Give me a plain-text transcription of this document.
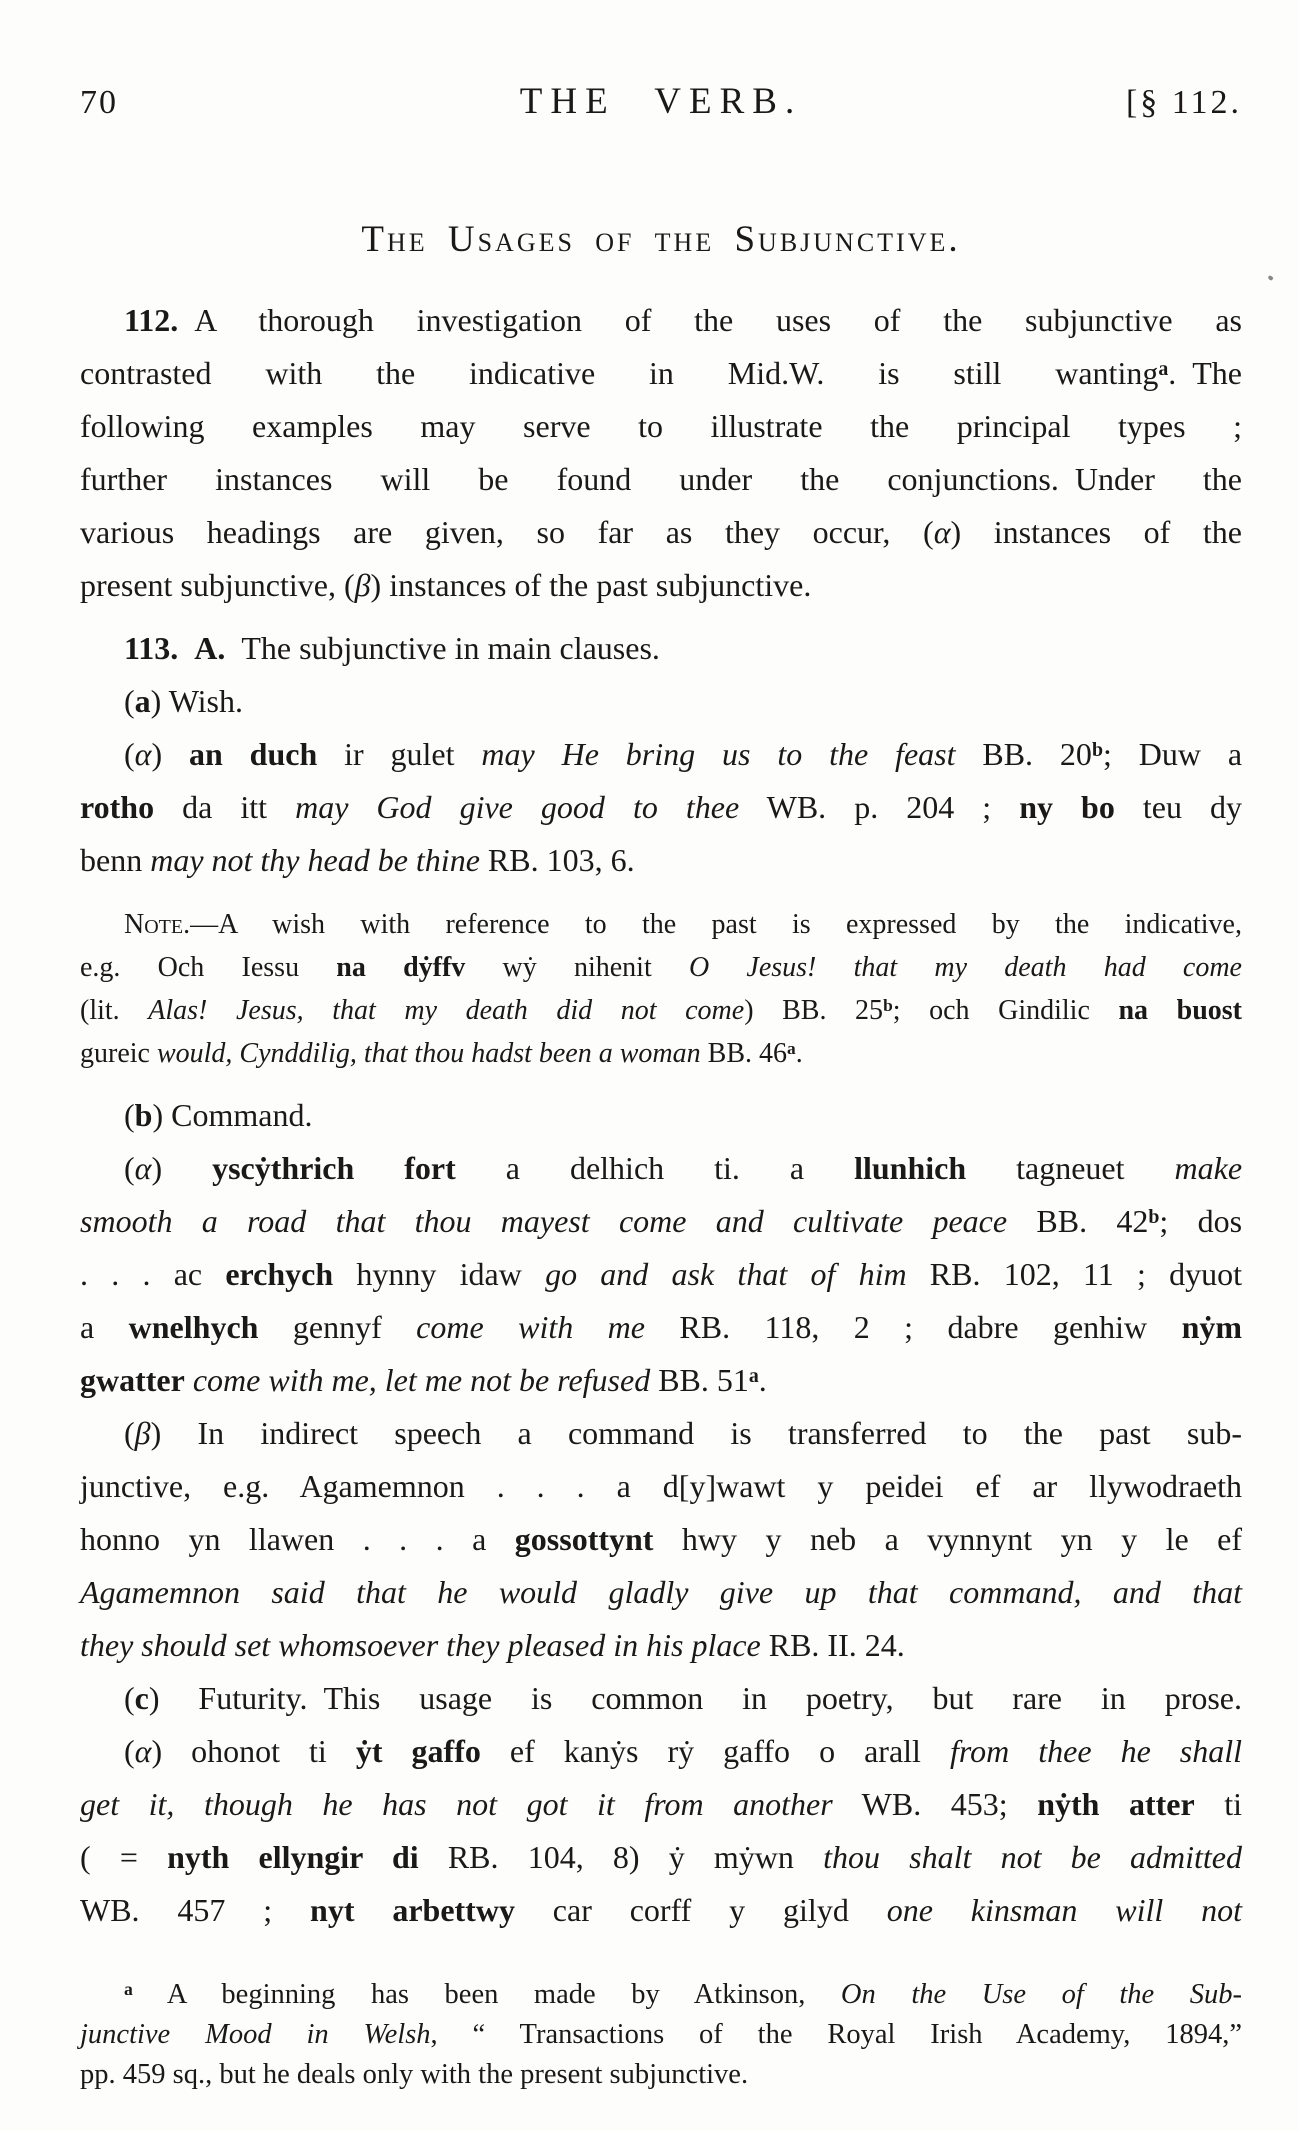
70	THE VERB.	[§ 112.
The Usages of the Subjunctive.
112. A thorough investigation of the uses of the subjunctive as
contrasted with the indicative in Mid.W. is still wanting$^a$. The
following examples may serve to illustrate the principal types ;
further instances will be found under the conjunctions. Under the
various headings are given, so far as they occur, (α) instances of the
present subjunctive, (β) instances of the past subjunctive.
113.  A. The subjunctive in main clauses.
(a) Wish.
(α) an duch ir gulet may He bring us to the feast BB. 20$^b$; Duw a
rotho da itt may God give good to thee WB. p. 204 ; ny bo teu dy
benn may not thy head be thine RB. 103, 6.
Note.—A wish with reference to the past is expressed by the indicative,
e.g. Och Iessu na dẏffv wẏ nihenit O Jesus! that my death had come
(lit. Alas! Jesus, that my death did not come) BB. 25$^b$; och Gindilic na buost
gureic would, Cynddilig, that thou hadst been a woman BB. 46$^a$.
(b) Command.
(α) yscẏthrich fort a delhich ti. a llunhich tagneuet make
smooth a road that thou mayest come and cultivate peace BB. 42$^b$; dos
. . . ac erchych hynny idaw go and ask that of him RB. 102, 11 ; dyuot
a wnelhych gennyf come with me RB. 118, 2 ; dabre genhiw nẏm
gwatter come with me, let me not be refused BB. 51$^a$.
(β) In indirect speech a command is transferred to the past sub-
junctive, e.g. Agamemnon . . . a d[y]wawt y peidei ef ar llywodraeth
honno yn llawen . . . a gossottynt hwy y neb a vynnynt yn y le ef
Agamemnon said that he would gladly give up that command, and that
they should set whomsoever they pleased in his place RB. II. 24.
(c) Futurity. This usage is common in poetry, but rare in prose.
(α) ohonot ti ẏt gaffo ef kanẏs rẏ gaffo o arall from thee he shall
get it, though he has not got it from another WB. 453; nẏth atter ti
( = nyth ellyngir di RB. 104, 8) ẏ mẏwn thou shalt not be admitted
WB. 457 ; nyt arbettwy car corff y gilyd one kinsman will not
$^a$ A beginning has been made by Atkinson, On the Use of the Sub-
junctive Mood in Welsh, “ Transactions of the Royal Irish Academy, 1894,”
pp. 459 sq., but he deals only with the present subjunctive.
